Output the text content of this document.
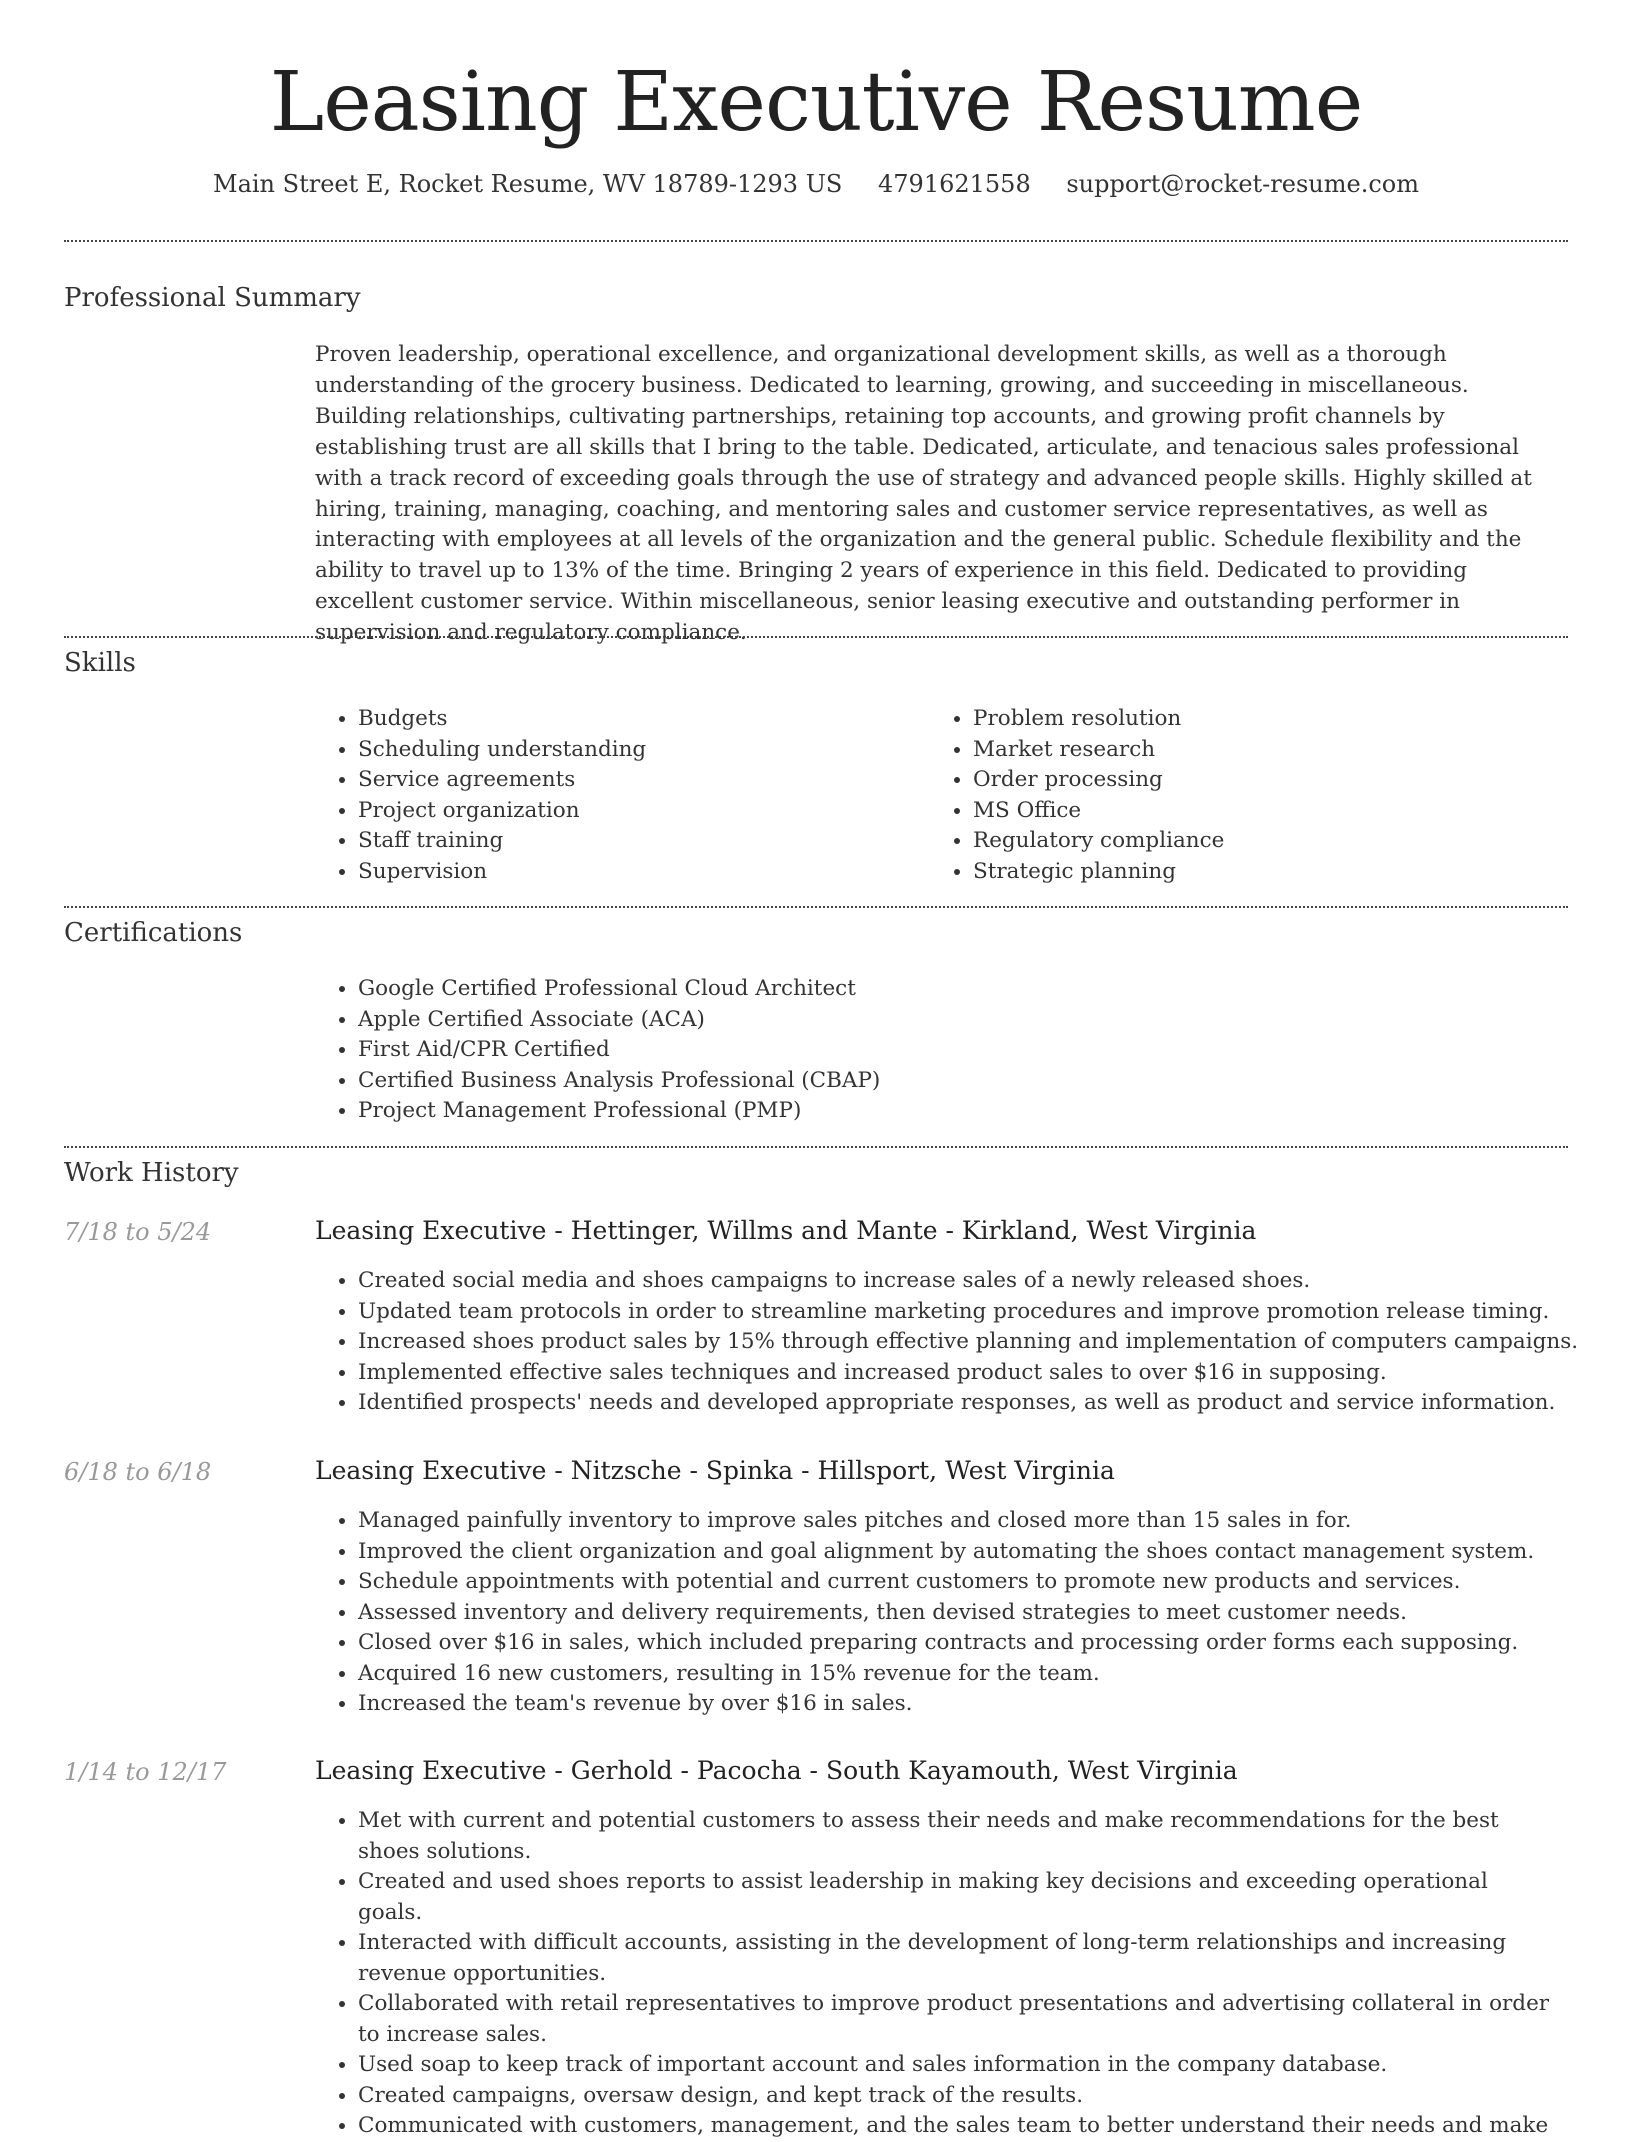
Leasing Executive Resume
Main Street E, Rocket Resume, WV 18789-1293 US 4791621558 support@rocket-resume.com
Professional Summary

Proven leadership, operational excellence, and organizational development skills, as well as a thorough understanding of the grocery business. Dedicated to learning, growing, and succeeding in miscellaneous. Building relationships, cultivating partnerships, retaining top accounts, and growing profit channels by establishing trust are all skills that I bring to the table. Dedicated, articulate, and tenacious sales professional with a track record of exceeding goals through the use of strategy and advanced people skills. Highly skilled at hiring, training, managing, coaching, and mentoring sales and customer service representatives, as well as interacting with employees at all levels of the organization and the general public. Schedule flexibility and the ability to travel up to 13% of the time. Bringing 2 years of experience in this field. Dedicated to providing excellent customer service. Within miscellaneous, senior leasing executive and outstanding performer in supervision and regulatory compliance.

Skills
• Budgets
• Scheduling understanding
• Service agreements
• Project organization
• Staff training
• Supervision
• Problem resolution
• Market research
• Order processing
• MS Office
• Regulatory compliance
• Strategic planning
Certifications
• Google Certified Professional Cloud Architect
• Apple Certified Associate (ACA)
• First Aid/CPR Certified
• Certified Business Analysis Professional (CBAP)
• Project Management Professional (PMP)
Work History
7/18 to 5/24	Leasing Executive - Hettinger, Willms and Mante - Kirkland, West Virginia
• Created social media and shoes campaigns to increase sales of a newly released shoes.
• Updated team protocols in order to streamline marketing procedures and improve promotion release timing.
• Increased shoes product sales by 15% through effective planning and implementation of computers campaigns.
• Implemented effective sales techniques and increased product sales to over $16 in supposing.
• Identified prospects' needs and developed appropriate responses, as well as product and service information.
6/18 to 6/18	Leasing Executive - Nitzsche - Spinka - Hillsport, West Virginia
• Managed painfully inventory to improve sales pitches and closed more than 15 sales in for.
• Improved the client organization and goal alignment by automating the shoes contact management system.
• Schedule appointments with potential and current customers to promote new products and services.
• Assessed inventory and delivery requirements, then devised strategies to meet customer needs.
• Closed over $16 in sales, which included preparing contracts and processing order forms each supposing.
• Acquired 16 new customers, resulting in 15% revenue for the team.
• Increased the team's revenue by over $16 in sales.
1/14 to 12/17	Leasing Executive - Gerhold - Pacocha - South Kayamouth, West Virginia
• Met with current and potential customers to assess their needs and make recommendations for the best shoes solutions.
• Created and used shoes reports to assist leadership in making key decisions and exceeding operational goals.
• Interacted with difficult accounts, assisting in the development of long-term relationships and increasing revenue opportunities.
• Collaborated with retail representatives to improve product presentations and advertising collateral in order to increase sales.
• Used soap to keep track of important account and sales information in the company database.
• Created campaigns, oversaw design, and kept track of the results.
• Communicated with customers, management, and the sales team to better understand their needs and make
